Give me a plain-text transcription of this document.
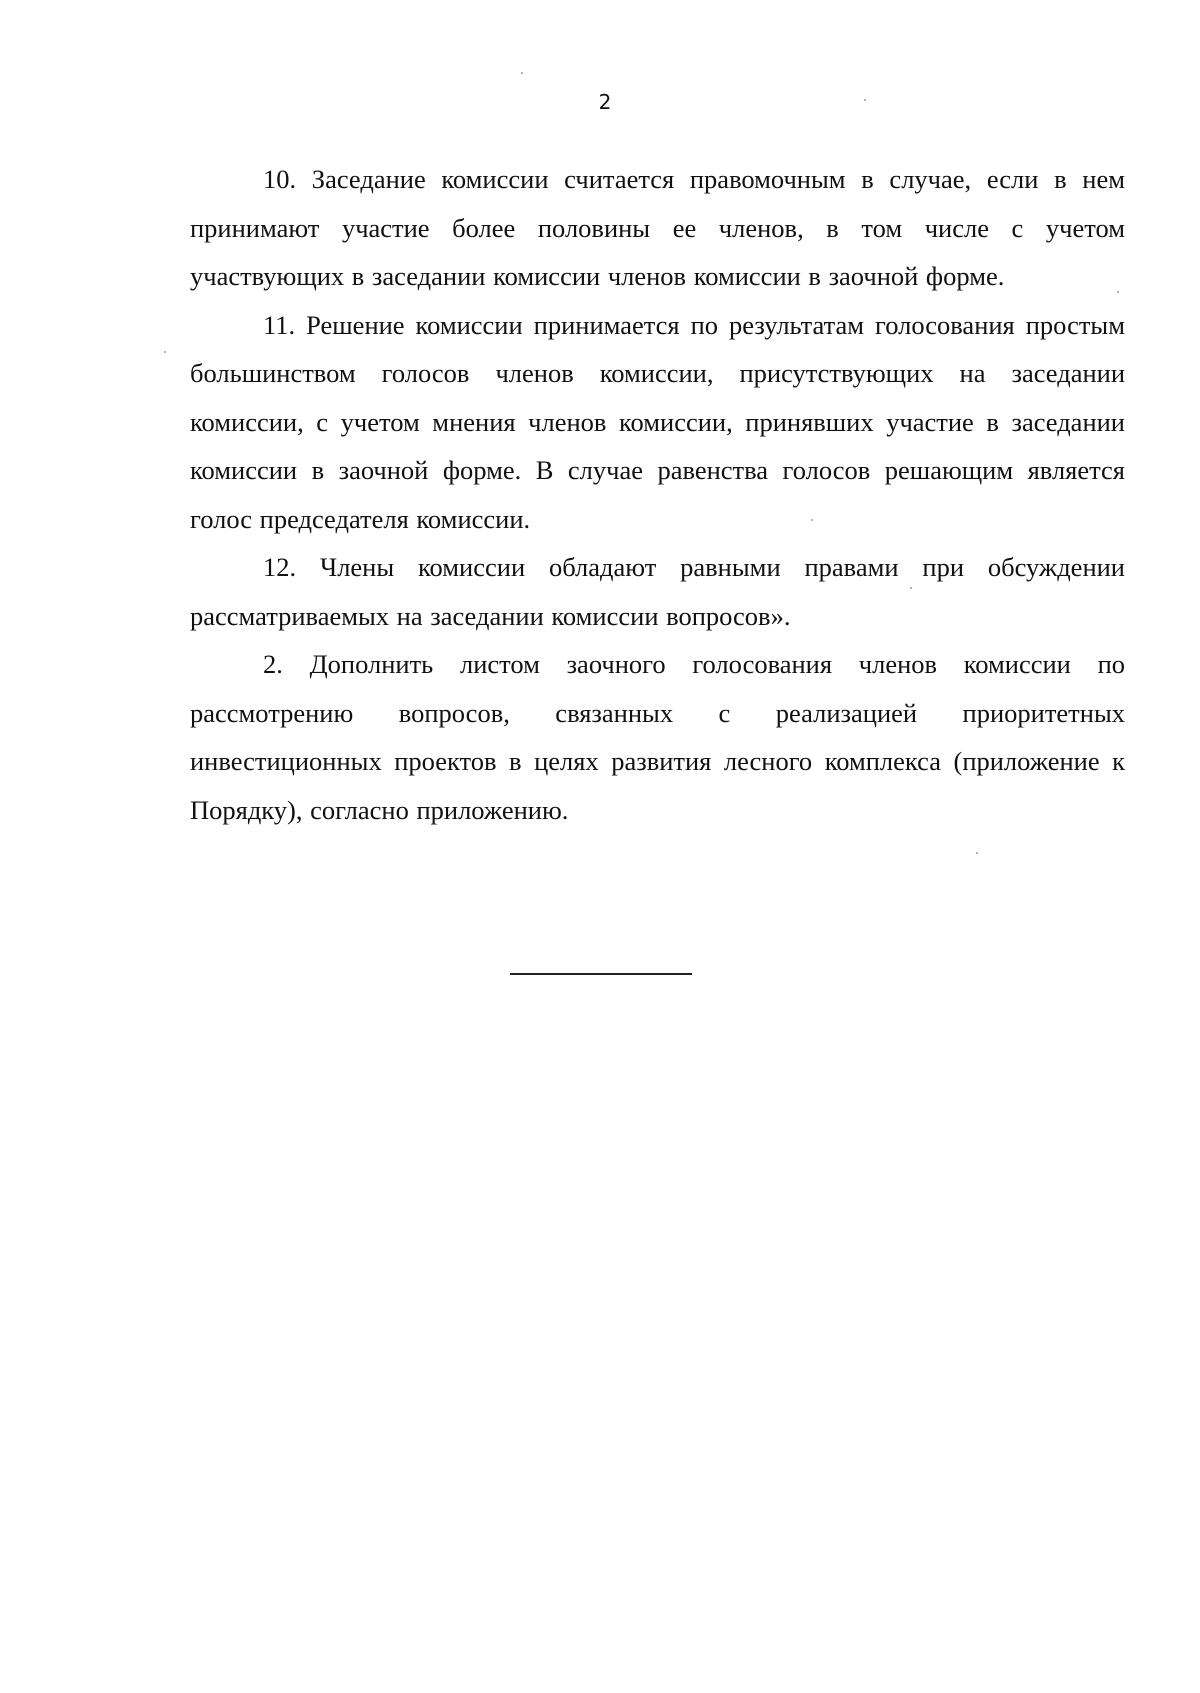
2

10. Заседание комиссии считается правомочным в случае, если в нем принимают участие более половины ее членов, в том числе с учетом участвующих в заседании комиссии членов комиссии в заочной форме.

11. Решение комиссии принимается по результатам голосования простым большинством голосов членов комиссии, присутствующих на заседании комиссии, с учетом мнения членов комиссии, принявших участие в заседании комиссии в заочной форме. В случае равенства голосов решающим является голос председателя комиссии.

12. Члены комиссии обладают равными правами при обсуждении рассматриваемых на заседании комиссии вопросов».

2. Дополнить листом заочного голосования членов комиссии по рассмотрению вопросов, связанных с реализацией приоритетных инвестиционных проектов в целях развития лесного комплекса (приложение к Порядку), согласно приложению.
